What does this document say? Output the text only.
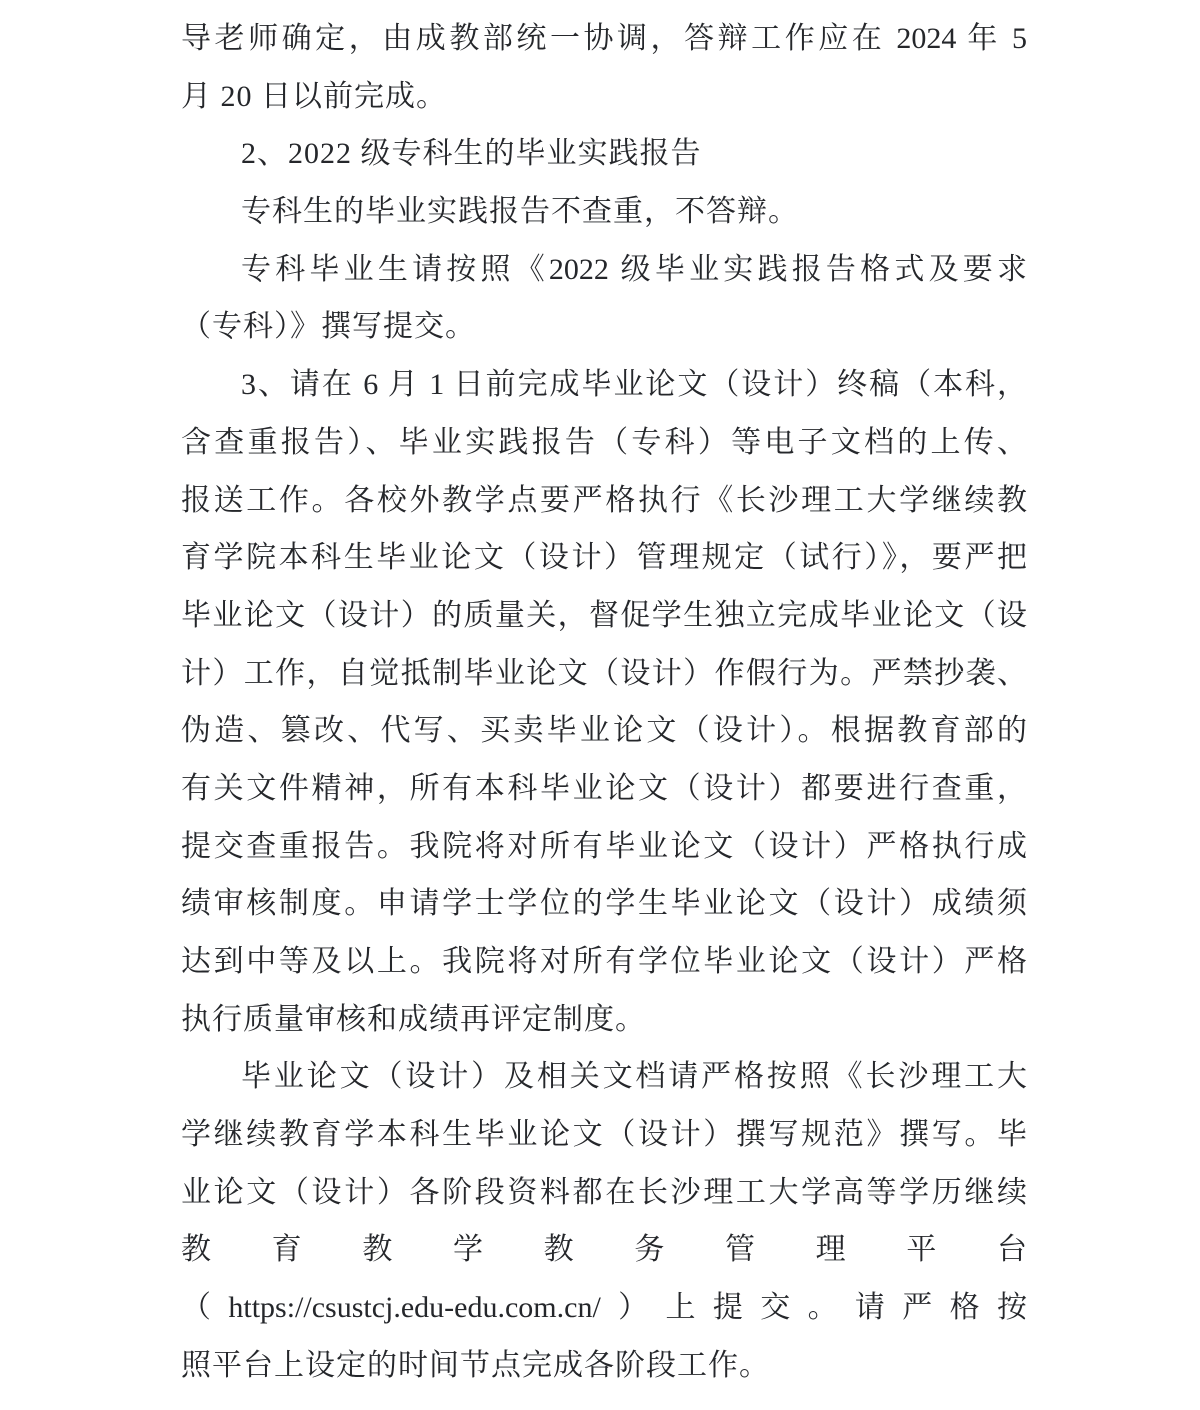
导老师确定，由成教部统一协调，答辩工作应在 2024 年 5
月 20 日以前完成。
2、2022 级专科生的毕业实践报告
专科生的毕业实践报告不查重，不答辩。
专科毕业生请按照《2022 级毕业实践报告格式及要求
（专科）》撰写提交。
3、请在 6 月 1 日前完成毕业论文（设计）终稿（本科，
含查重报告）、毕业实践报告（专科）等电子文档的上传、
报送工作。各校外教学点要严格执行《长沙理工大学继续教
育学院本科生毕业论文（设计）管理规定（试行）》，要严把
毕业论文（设计）的质量关，督促学生独立完成毕业论文（设
计）工作，自觉抵制毕业论文（设计）作假行为。严禁抄袭、
伪造、篡改、代写、买卖毕业论文（设计）。根据教育部的
有关文件精神，所有本科毕业论文（设计）都要进行查重，
提交查重报告。我院将对所有毕业论文（设计）严格执行成
绩审核制度。申请学士学位的学生毕业论文（设计）成绩须
达到中等及以上。我院将对所有学位毕业论文（设计）严格
执行质量审核和成绩再评定制度。
毕业论文（设计）及相关文档请严格按照《长沙理工大
学继续教育学本科生毕业论文（设计）撰写规范》撰写。毕
业论文（设计）各阶段资料都在长沙理工大学高等学历继续
教 育 教 学 教 务 管 理 平 台
（https://csustcj.edu-edu.com.cn/）上提交。请严格按
照平台上设定的时间节点完成各阶段工作。
